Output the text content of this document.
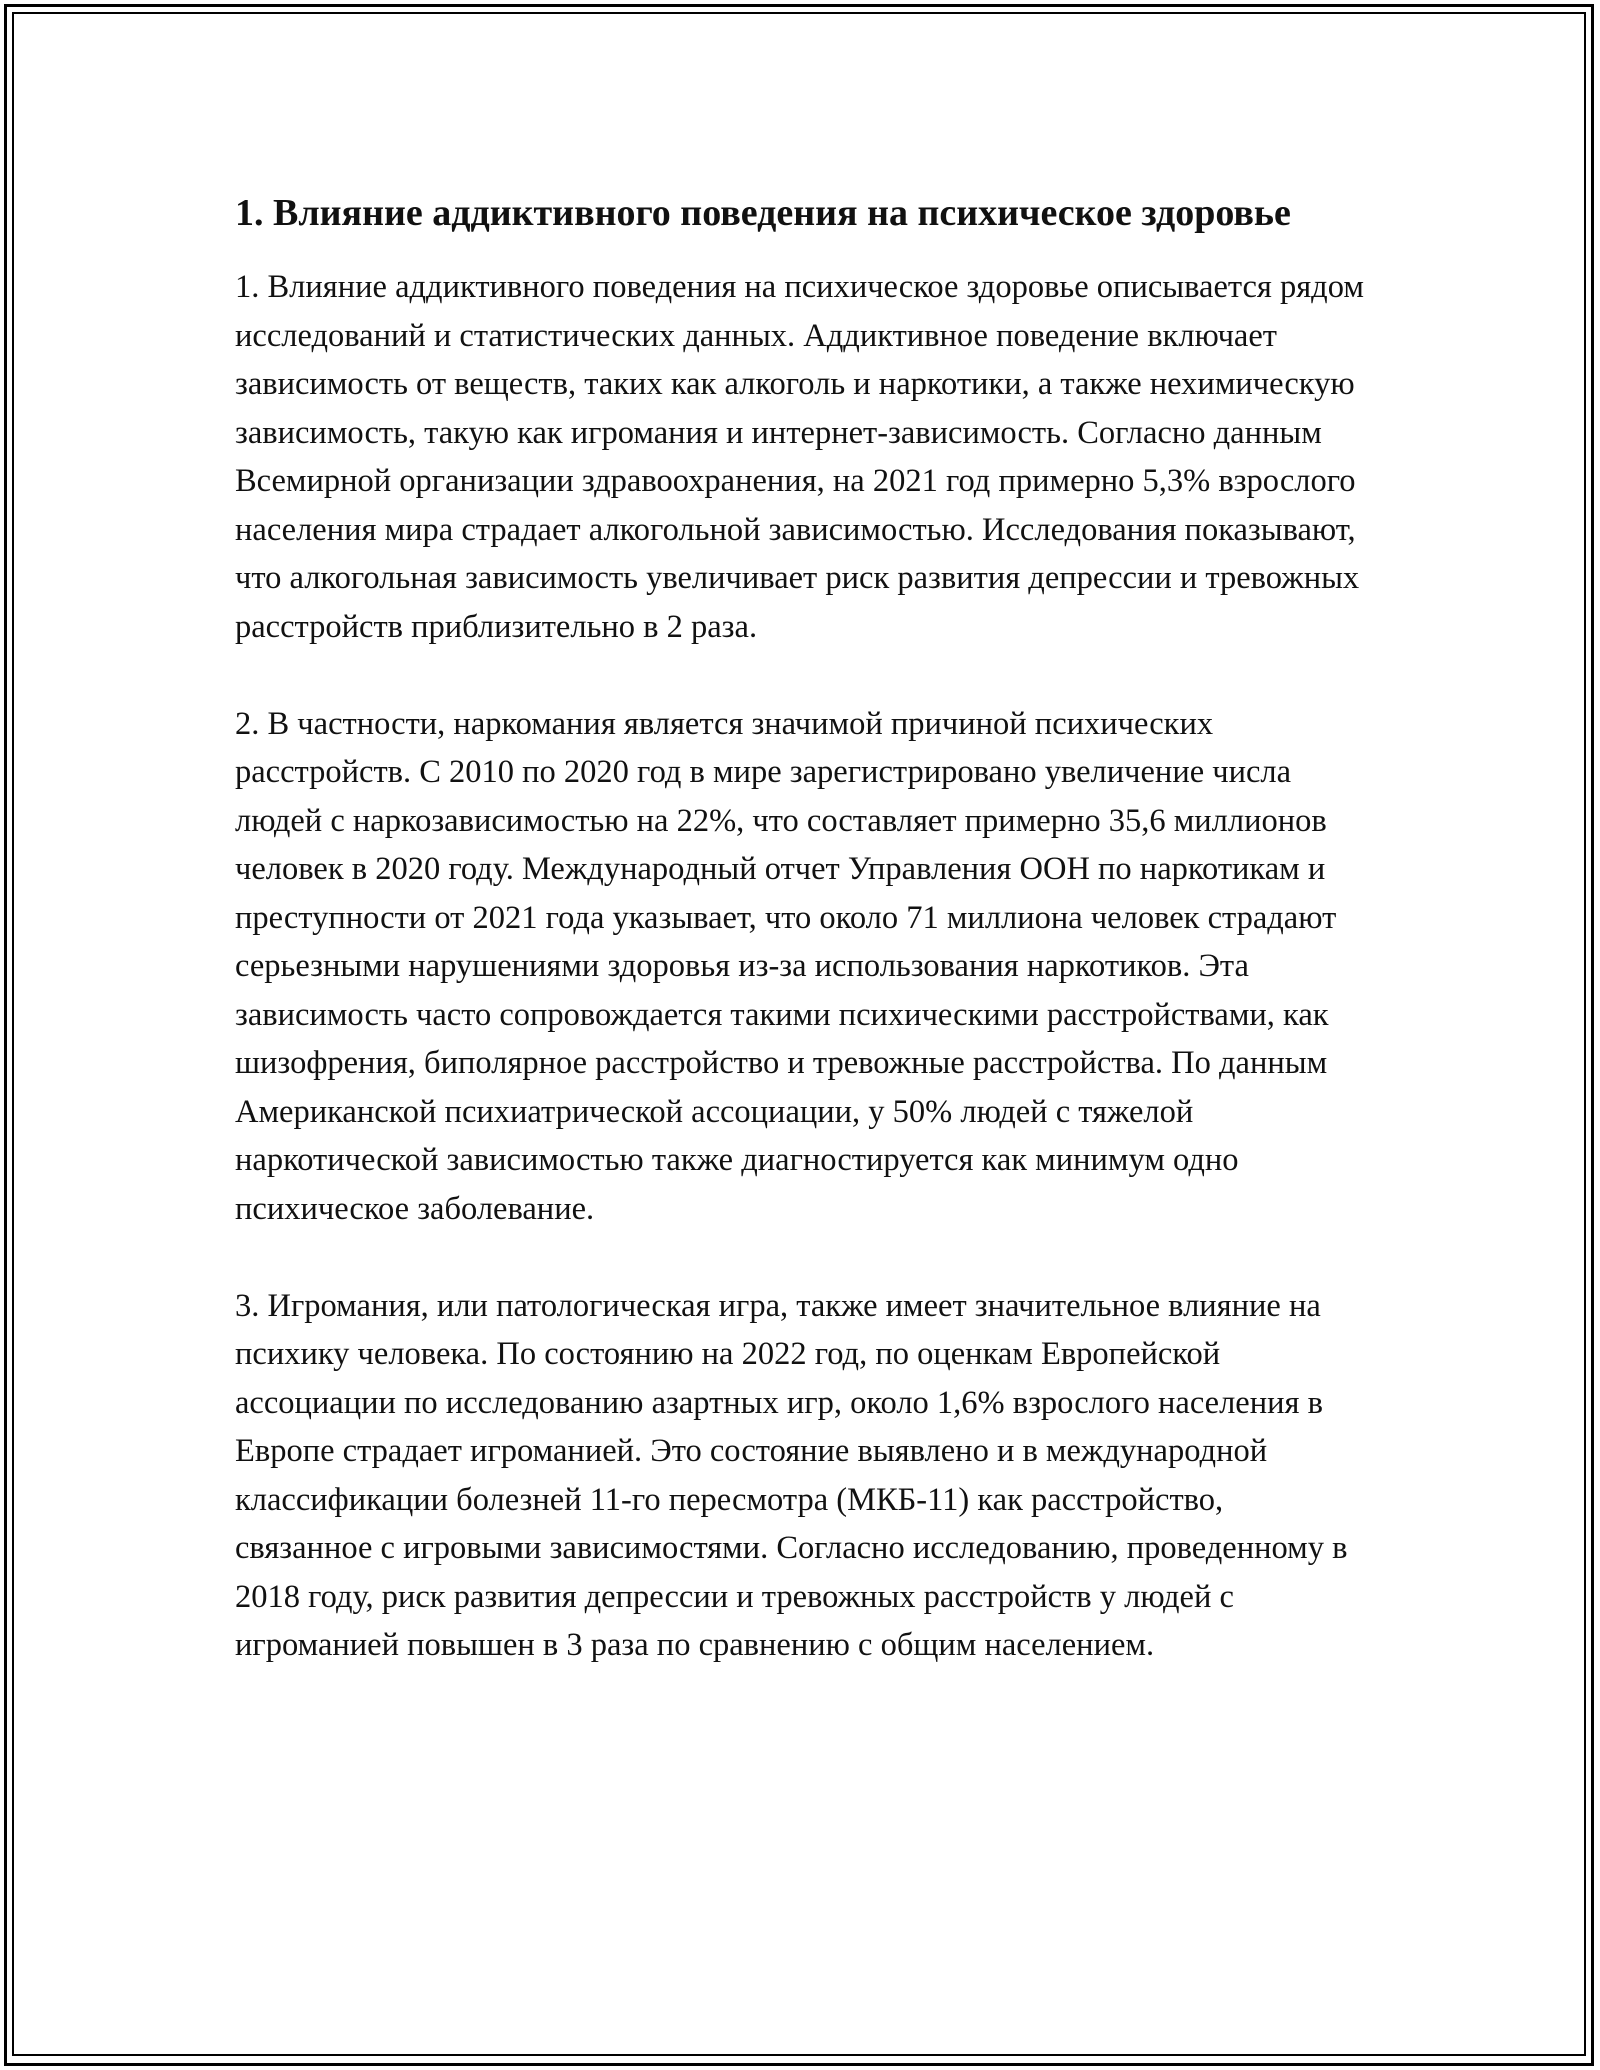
1. Влияние аддиктивного поведения на психическое здоровье

1. Влияние аддиктивного поведения на психическое здоровье описывается рядом исследований и статистических данных. Аддиктивное поведение включает зависимость от веществ, таких как алкоголь и наркотики, а также нехимическую зависимость, такую как игромания и интернет-зависимость. Согласно данным Всемирной организации здравоохранения, на 2021 год примерно 5,3% взрослого населения мира страдает алкогольной зависимостью. Исследования показывают, что алкогольная зависимость увеличивает риск развития депрессии и тревожных расстройств приблизительно в 2 раза.

2. В частности, наркомания является значимой причиной психических расстройств. С 2010 по 2020 год в мире зарегистрировано увеличение числа людей с наркозависимостью на 22%, что составляет примерно 35,6 миллионов человек в 2020 году. Международный отчет Управления ООН по наркотикам и преступности от 2021 года указывает, что около 71 миллиона человек страдают серьезными нарушениями здоровья из-за использования наркотиков. Эта зависимость часто сопровождается такими психическими расстройствами, как шизофрения, биполярное расстройство и тревожные расстройства. По данным Американской психиатрической ассоциации, у 50% людей с тяжелой наркотической зависимостью также диагностируется как минимум одно психическое заболевание.

3. Игромания, или патологическая игра, также имеет значительное влияние на психику человека. По состоянию на 2022 год, по оценкам Европейской ассоциации по исследованию азартных игр, около 1,6% взрослого населения в Европе страдает игроманией. Это состояние выявлено и в международной классификации болезней 11-го пересмотра (МКБ-11) как расстройство, связанное с игровыми зависимостями. Согласно исследованию, проведенному в 2018 году, риск развития депрессии и тревожных расстройств у людей с игроманией повышен в 3 раза по сравнению с общим населением.
